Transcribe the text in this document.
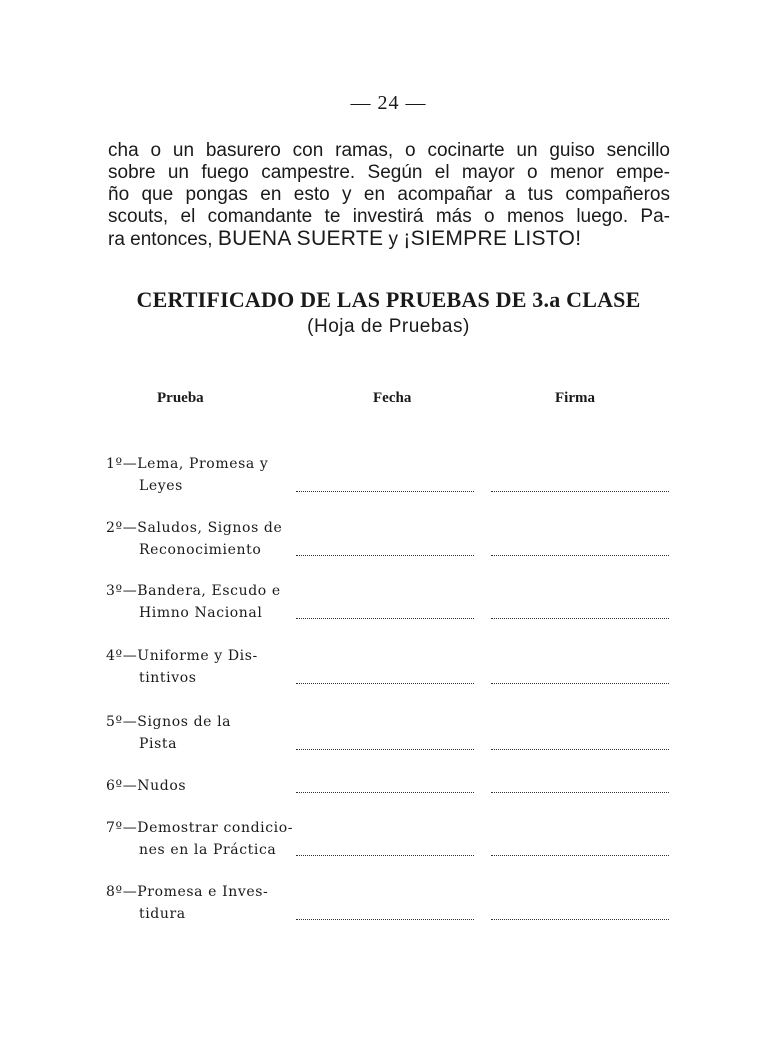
— 24 —
cha o un basurero con ramas, o cocinarte un guiso sencillo
sobre un fuego campestre. Según el mayor o menor empe-
ño que pongas en esto y en acompañar a tus compañeros
scouts, el comandante te investirá más o menos luego. Pa-
ra entonces, BUENA SUERTE y ¡SIEMPRE LISTO!
CERTIFICADO DE LAS PRUEBAS DE 3.a CLASE
(Hoja de Pruebas)
Prueba	Fecha	Firma
1º—Lema, Promesa y
Leyes
2º—Saludos, Signos de
Reconocimiento
3º—Bandera, Escudo e
Himno Nacional
4º—Uniforme y Dis-
tintivos
5º—Signos de la
Pista
6º—Nudos
7º—Demostrar condicio-
nes en la Práctica
8º—Promesa e Inves-
tidura
